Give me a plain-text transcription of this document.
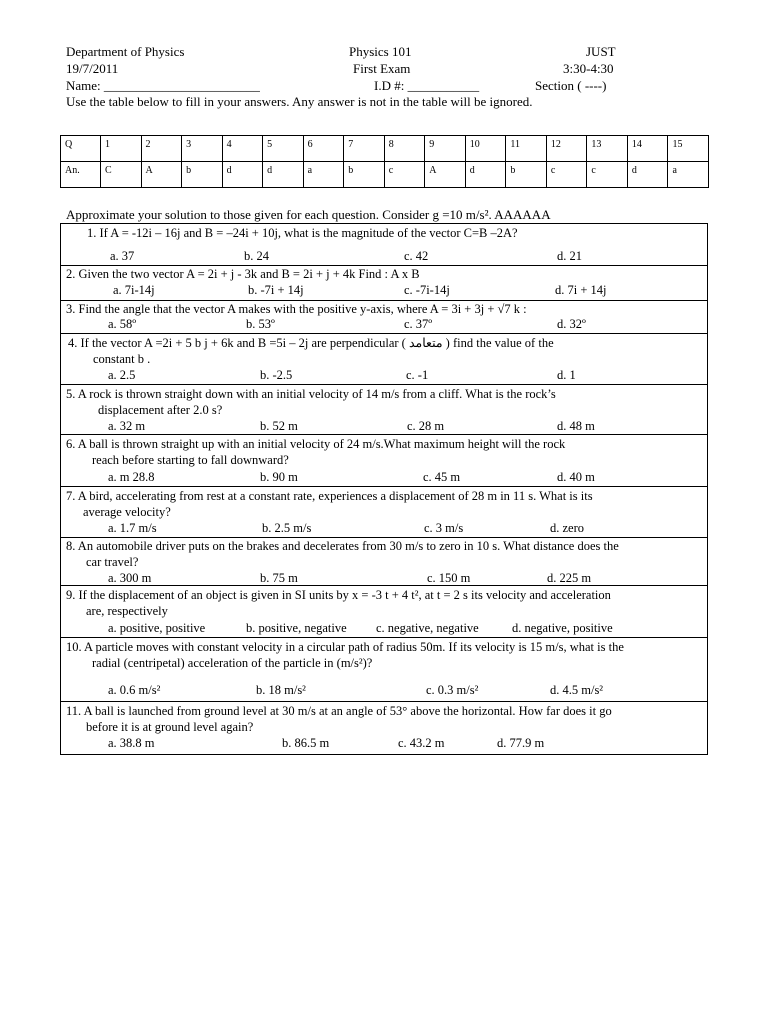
Department of Physics	Physics 101	JUST
19/7/2011	First Exam	3:30-4:30
Name: ________________________	I.D #: ___________	Section ( ----)
Use the table below to fill in your answers. Any answer is not in the table will be ignored.
Q	1	2	3	4	5	6	7	8	9	10	11	12	13	14	15
An.	C	A	b	d	d	a	b	c	A	d	b	c	c	d	a
Approximate your solution to those given for each question. Consider g =10 m/s². AAAAAA
1. If A = -12i – 16j and B = –24i + 10j, what is the magnitude of the vector C=B –2A?
a. 37	b. 24	c. 42	d. 21
2. Given the two vector A = 2i + j - 3k and B = 2i + j + 4k Find : A x B
a. 7i-14j	b. -7i + 14j	c. -7i-14j	d. 7i + 14j
3. Find the angle that the vector A makes with the positive y-axis, where A = 3i + 3j + √7 k :
a. 58º	b. 53º	c. 37º	d. 32º
4. If the vector A =2i + 5 b j + 6k and B =5i – 2j are perpendicular ( متعامد ) find the value of the
constant b .
a. 2.5	b. -2.5	c. -1	d. 1
5. A rock is thrown straight down with an initial velocity of 14 m/s from a cliff. What is the rock’s
displacement after 2.0 s?
a. 32 m	b. 52 m	c. 28 m	d. 48 m
6. A ball is thrown straight up with an initial velocity of 24 m/s.What maximum height will the rock
reach before starting to fall downward?
a. m 28.8	b. 90 m	c. 45 m	d. 40 m
7. A bird, accelerating from rest at a constant rate, experiences a displacement of 28 m in 11 s. What is its
average velocity?
a. 1.7 m/s	b. 2.5 m/s	c. 3 m/s	d. zero
8. An automobile driver puts on the brakes and decelerates from 30 m/s to zero in 10 s. What distance does the
car travel?
a. 300 m	b. 75 m	c. 150 m	d. 225 m
9. If the displacement of an object is given in SI units by x = -3 t + 4 t², at t = 2 s its velocity and acceleration
are, respectively
a. positive, positive	b. positive, negative c. negative, negative	d. negative, positive
10. A particle moves with constant velocity in a circular path of radius 50m. If its velocity is 15 m/s, what is the
radial (centripetal) acceleration of the particle in (m/s²)?
a. 0.6 m/s²	b. 18 m/s²	c. 0.3 m/s²	d. 4.5 m/s²
11. A ball is launched from ground level at 30 m/s at an angle of 53° above the horizontal. How far does it go
before it is at ground level again?
a. 38.8 m	b. 86.5 m	c. 43.2 m	d. 77.9 m
